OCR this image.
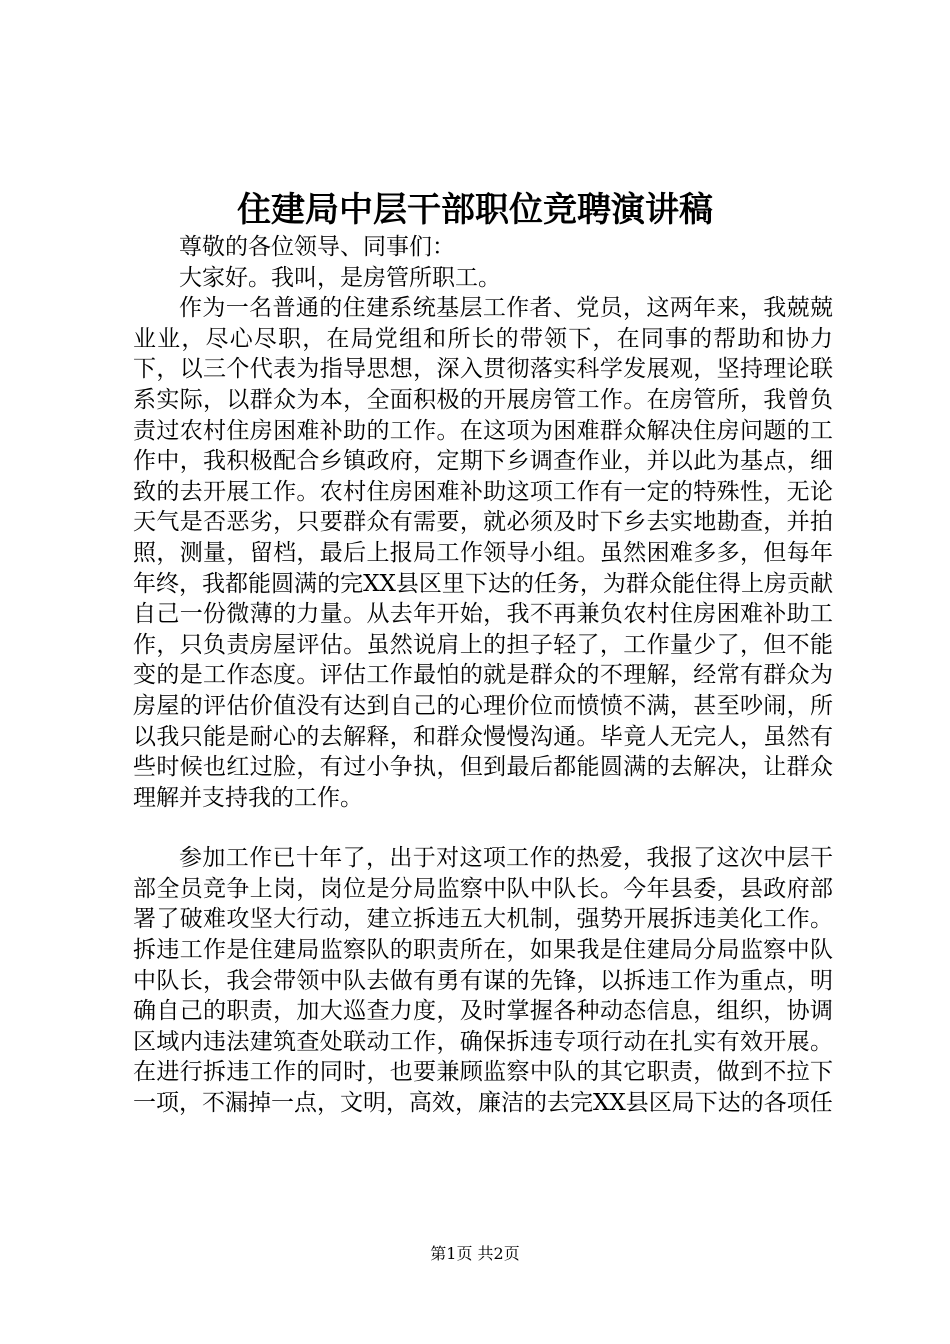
住建局中层干部职位竞聘演讲稿

尊敬的各位领导、同事们：

大家好。我叫，是房管所职工。

作为一名普通的住建系统基层工作者、党员，这两年来，我兢兢业业，尽心尽职，在局党组和所长的带领下，在同事的帮助和协力下，以三个代表为指导思想，深入贯彻落实科学发展观，坚持理论联系实际，以群众为本，全面积极的开展房管工作。在房管所，我曾负责过农村住房困难补助的工作。在这项为困难群众解决住房问题的工作中，我积极配合乡镇政府，定期下乡调查作业，并以此为基点，细致的去开展工作。农村住房困难补助这项工作有一定的特殊性，无论天气是否恶劣，只要群众有需要，就必须及时下乡去实地勘查，并拍照，测量，留档，最后上报局工作领导小组。虽然困难多多，但每年年终，我都能圆满的完XX县区里下达的任务，为群众能住得上房贡献自己一份微薄的力量。从去年开始，我不再兼负农村住房困难补助工作，只负责房屋评估。虽然说肩上的担子轻了，工作量少了，但不能变的是工作态度。评估工作最怕的就是群众的不理解，经常有群众为房屋的评估价值没有达到自己的心理价位而愤愤不满，甚至吵闹，所以我只能是耐心的去解释，和群众慢慢沟通。毕竟人无完人，虽然有些时候也红过脸，有过小争执，但到最后都能圆满的去解决，让群众理解并支持我的工作。

参加工作已十年了，出于对这项工作的热爱，我报了这次中层干部全员竞争上岗，岗位是分局监察中队中队长。今年县委，县政府部署了破难攻坚大行动，建立拆违五大机制，强势开展拆违美化工作。拆违工作是住建局监察队的职责所在，如果我是住建局分局监察中队中队长，我会带领中队去做有勇有谋的先锋，以拆违工作为重点，明确自己的职责，加大巡查力度，及时掌握各种动态信息，组织，协调区域内违法建筑查处联动工作，确保拆违专项行动在扎实有效开展。在进行拆违工作的同时，也要兼顾监察中队的其它职责，做到不拉下一项，不漏掉一点，文明，高效，廉洁的去完XX县区局下达的各项任

第1页 共2页
